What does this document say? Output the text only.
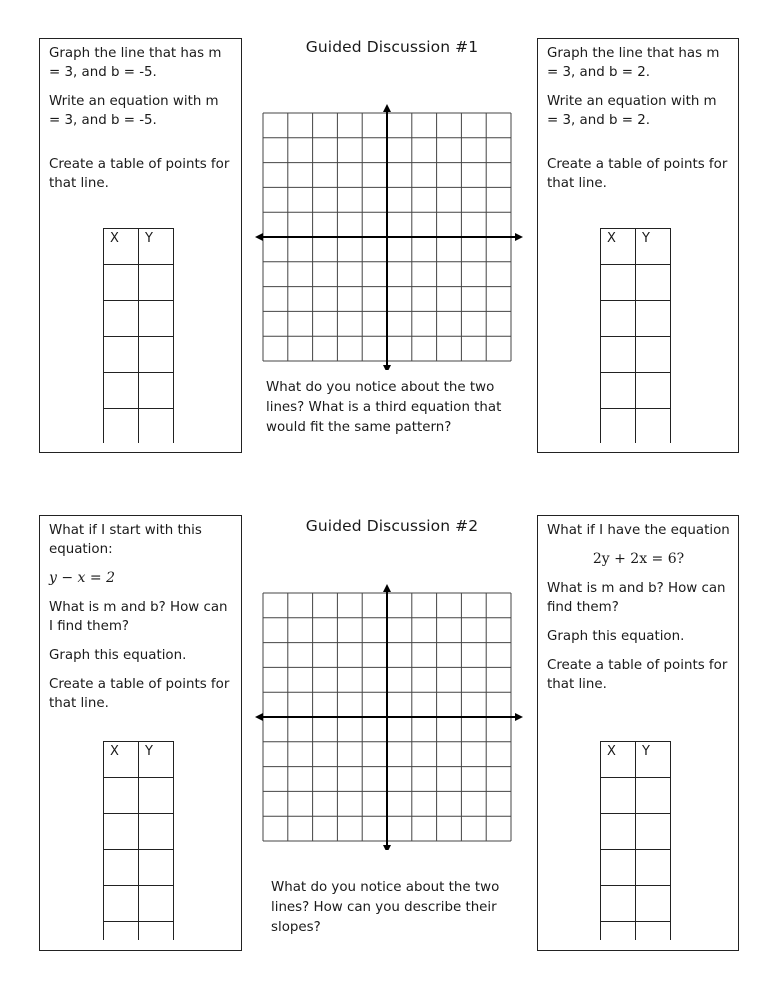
Guided Discussion #1

Graph the line that has m = 3, and b = -5.

Write an equation with m = 3, and b = -5.

Create a table of points for that line.

X	Y

What do you notice about the two lines? What is a third equation that would fit the same pattern?

Graph the line that has m = 3, and b = 2.

Write an equation with m = 3, and b = 2.

Create a table of points for that line.

X	Y

Guided Discussion #2

What if I start with this equation:

y − x = 2

What is m and b? How can I find them?

Graph this equation.

Create a table of points for that line.

X	Y

What do you notice about the two lines? How can you describe their slopes?

What if I have the equation

2y + 2x = 6?

What is m and b? How can find them?

Graph this equation.

Create a table of points for that line.

X	Y
